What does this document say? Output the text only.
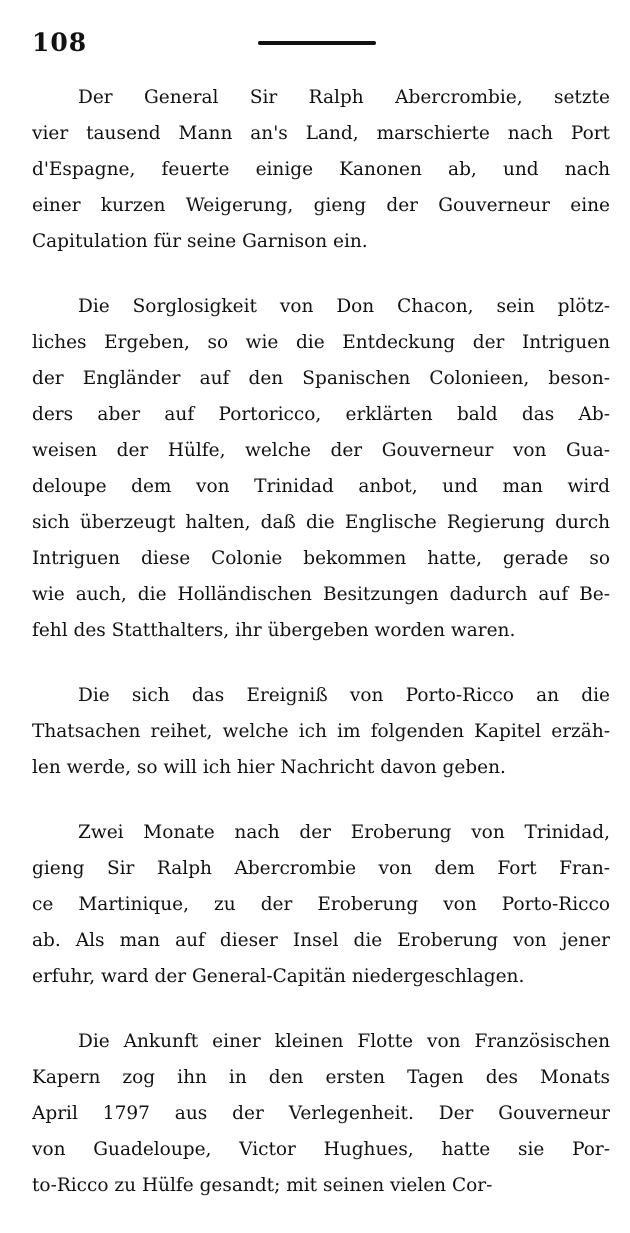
108
Der General Sir Ralph Abercrombie, setzte
vier tausend Mann an's Land, marschierte nach Port
d'Espagne, feuerte einige Kanonen ab, und nach
einer kurzen Weigerung, gieng der Gouverneur eine
Capitulation für seine Garnison ein.
Die Sorglosigkeit von Don Chacon, sein plötz-
liches Ergeben, so wie die Entdeckung der Intriguen
der Engländer auf den Spanischen Colonieen, beson-
ders aber auf Portoricco, erklärten bald das Ab-
weisen der Hülfe, welche der Gouverneur von Gua-
deloupe dem von Trinidad anbot, und man wird
sich überzeugt halten, daß die Englische Regierung durch
Intriguen diese Colonie bekommen hatte, gerade so
wie auch, die Holländischen Besitzungen dadurch auf Be-
fehl des Statthalters, ihr übergeben worden waren.
Die sich das Ereigniß von Porto-Ricco an die
Thatsachen reihet, welche ich im folgenden Kapitel erzäh-
len werde, so will ich hier Nachricht davon geben.
Zwei Monate nach der Eroberung von Trinidad,
gieng Sir Ralph Abercrombie von dem Fort Fran-
ce Martinique, zu der Eroberung von Porto-Ricco
ab. Als man auf dieser Insel die Eroberung von jener
erfuhr, ward der General-Capitän niedergeschlagen.
Die Ankunft einer kleinen Flotte von Französischen
Kapern zog ihn in den ersten Tagen des Monats
April 1797 aus der Verlegenheit. Der Gouverneur
von Guadeloupe, Victor Hughues, hatte sie Por-
to-Ricco zu Hülfe gesandt; mit seinen vielen Cor-
